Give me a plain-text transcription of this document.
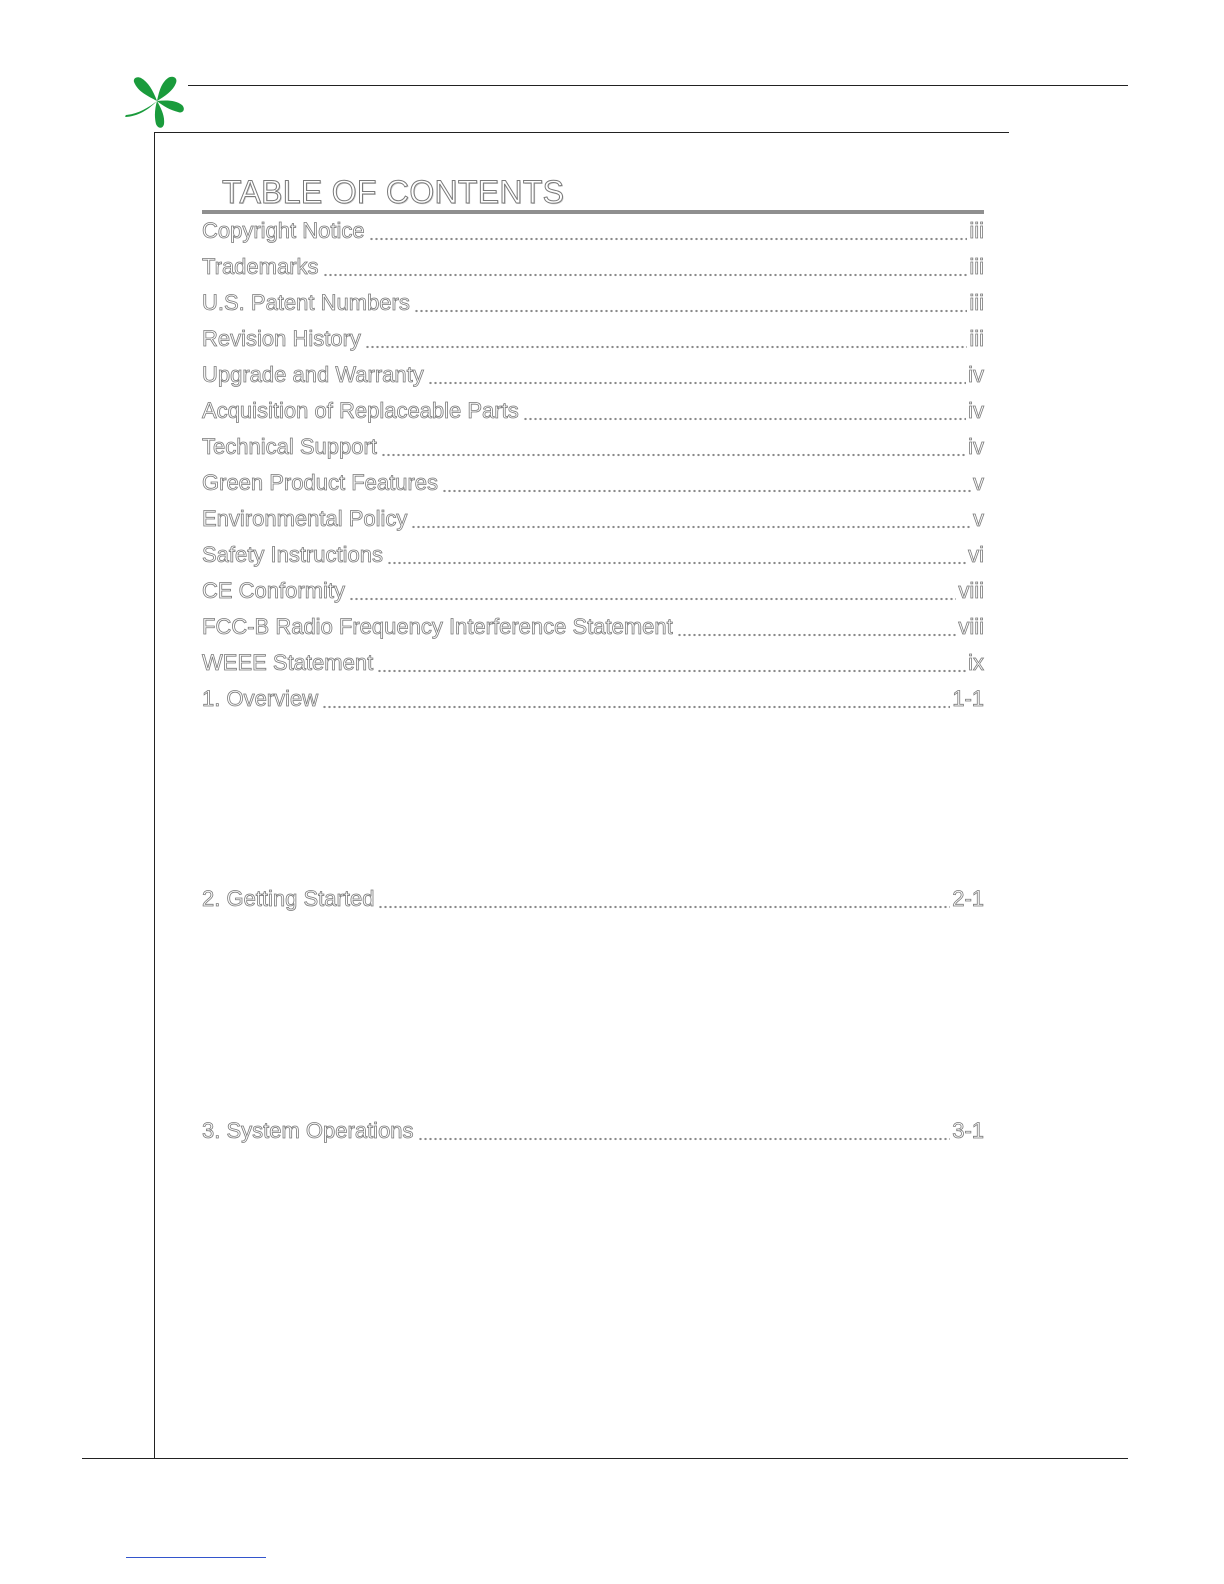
TABLE OF CONTENTS
Copyright Notice	iii
Trademarks	iii
U.S. Patent Numbers	iii
Revision History	iii
Upgrade and Warranty	iv
Acquisition of Replaceable Parts	iv
Technical Support	iv
Green Product Features	v
Environmental Policy	v
Safety Instructions	vi
CE Conformity	viii
FCC-B Radio Frequency Interference Statement	viii
WEEE Statement	ix
1. Overview	1-1
2. Getting Started	2-1
3. System Operations	3-1
